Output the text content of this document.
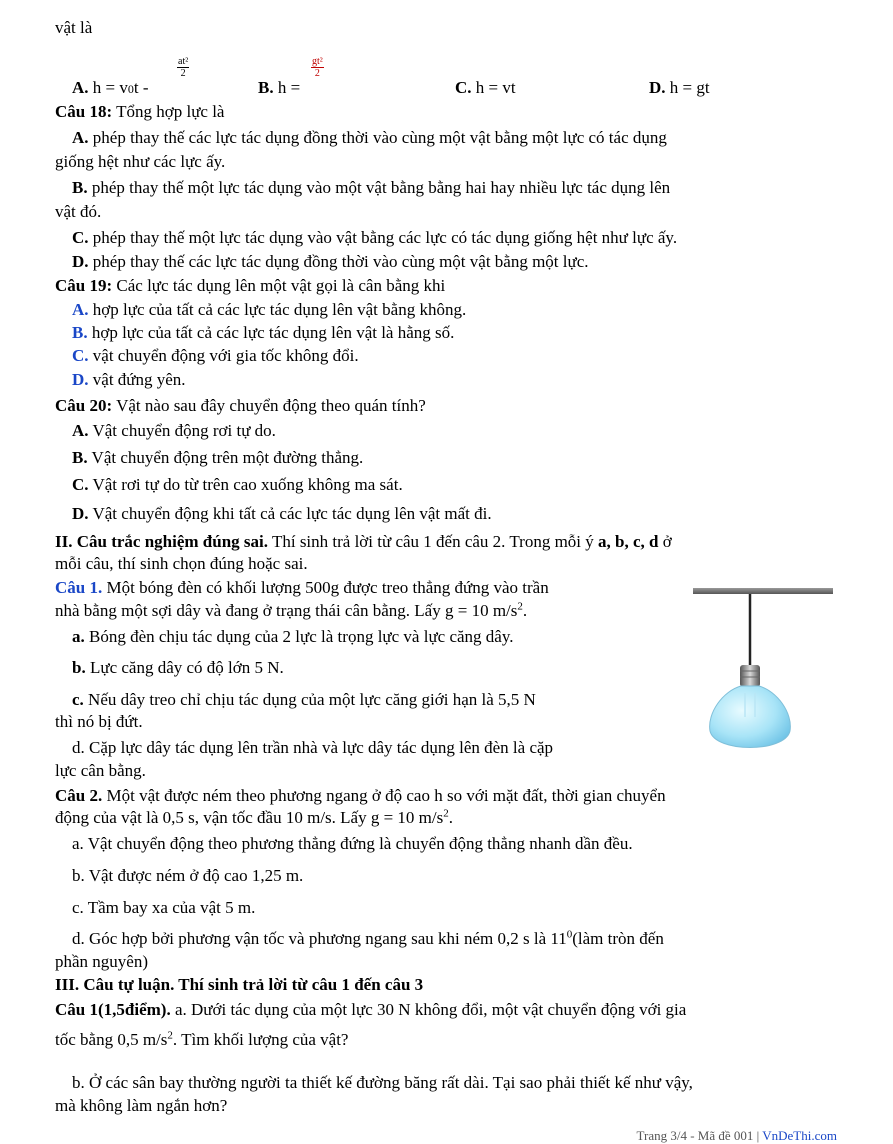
vật là
A. h = v0t -
$\frac{\text{at²}}{2}$
B. h =
$\frac{\text{gt²}}{2}$
C. h = vt	D. h = gt
Câu 18: Tổng hợp lực là
A. phép thay thế các lực tác dụng đồng thời vào cùng một vật bằng một lực có tác dụng
giống hệt như các lực ấy.
B. phép thay thế một lực tác dụng vào một vật bằng bằng hai hay nhiều lực tác dụng lên
vật đó.
C. phép thay thế một lực tác dụng vào vật bằng các lực có tác dụng giống hệt như lực ấy.
D. phép thay thế các lực tác dụng đồng thời vào cùng một vật bằng một lực.
Câu 19: Các lực tác dụng lên một vật gọi là cân bằng khi
A. hợp lực của tất cả các lực tác dụng lên vật bằng không.
B. hợp lực của tất cả các lực tác dụng lên vật là hằng số.
C. vật chuyển động với gia tốc không đổi.
D. vật đứng yên.
Câu 20: Vật nào sau đây chuyển động theo quán tính?
A. Vật chuyển động rơi tự do.
B. Vật chuyển động trên một đường thẳng.
C. Vật rơi tự do từ trên cao xuống không ma sát.
D. Vật chuyển động khi tất cả các lực tác dụng lên vật mất đi.
II. Câu trắc nghiệm đúng sai. Thí sinh trả lời từ câu 1 đến câu 2. Trong mỗi ý a, b, c, d ở
mỗi câu, thí sinh chọn đúng hoặc sai.
Câu 1. Một bóng đèn có khối lượng 500g được treo thẳng đứng vào trần
nhà bằng một sợi dây và đang ở trạng thái cân bằng. Lấy g = 10 $m/s^2$.
a. Bóng đèn chịu tác dụng của 2 lực là trọng lực và lực căng dây.
b. Lực căng dây có độ lớn 5 N.
c. Nếu dây treo chỉ chịu tác dụng của một lực căng giới hạn là 5,5 N
thì nó bị đứt.
d. Cặp lực dây tác dụng lên trần nhà và lực dây tác dụng lên đèn là cặp
lực cân bằng.
Câu 2. Một vật được ném theo phương ngang ở độ cao h so với mặt đất, thời gian chuyển
động của vật là 0,5 s, vận tốc đầu 10 m/s. Lấy g = 10 $m/s^2$.
a. Vật chuyển động theo phương thẳng đứng là chuyển động thẳng nhanh dần đều.
b. Vật được ném ở độ cao 1,25 m.
c. Tầm bay xa của vật 5 m.
d. Góc hợp bởi phương vận tốc và phương ngang sau khi ném 0,2 s là $11^0(làm$ tròn đến
phần nguyên)
III. Câu tự luận. Thí sinh trả lời từ câu 1 đến câu 3
Câu 1(1,5điểm). a. Dưới tác dụng của một lực 30 N không đổi, một vật chuyển động với gia
tốc bằng 0,5 $m/s^2$. Tìm khối lượng của vật?
b. Ở các sân bay thường người ta thiết kế đường băng rất dài. Tại sao phải thiết kế như vậy,
mà không làm ngắn hơn?
Trang 3/4 - Mã đề 001 | VnDeThi.com
